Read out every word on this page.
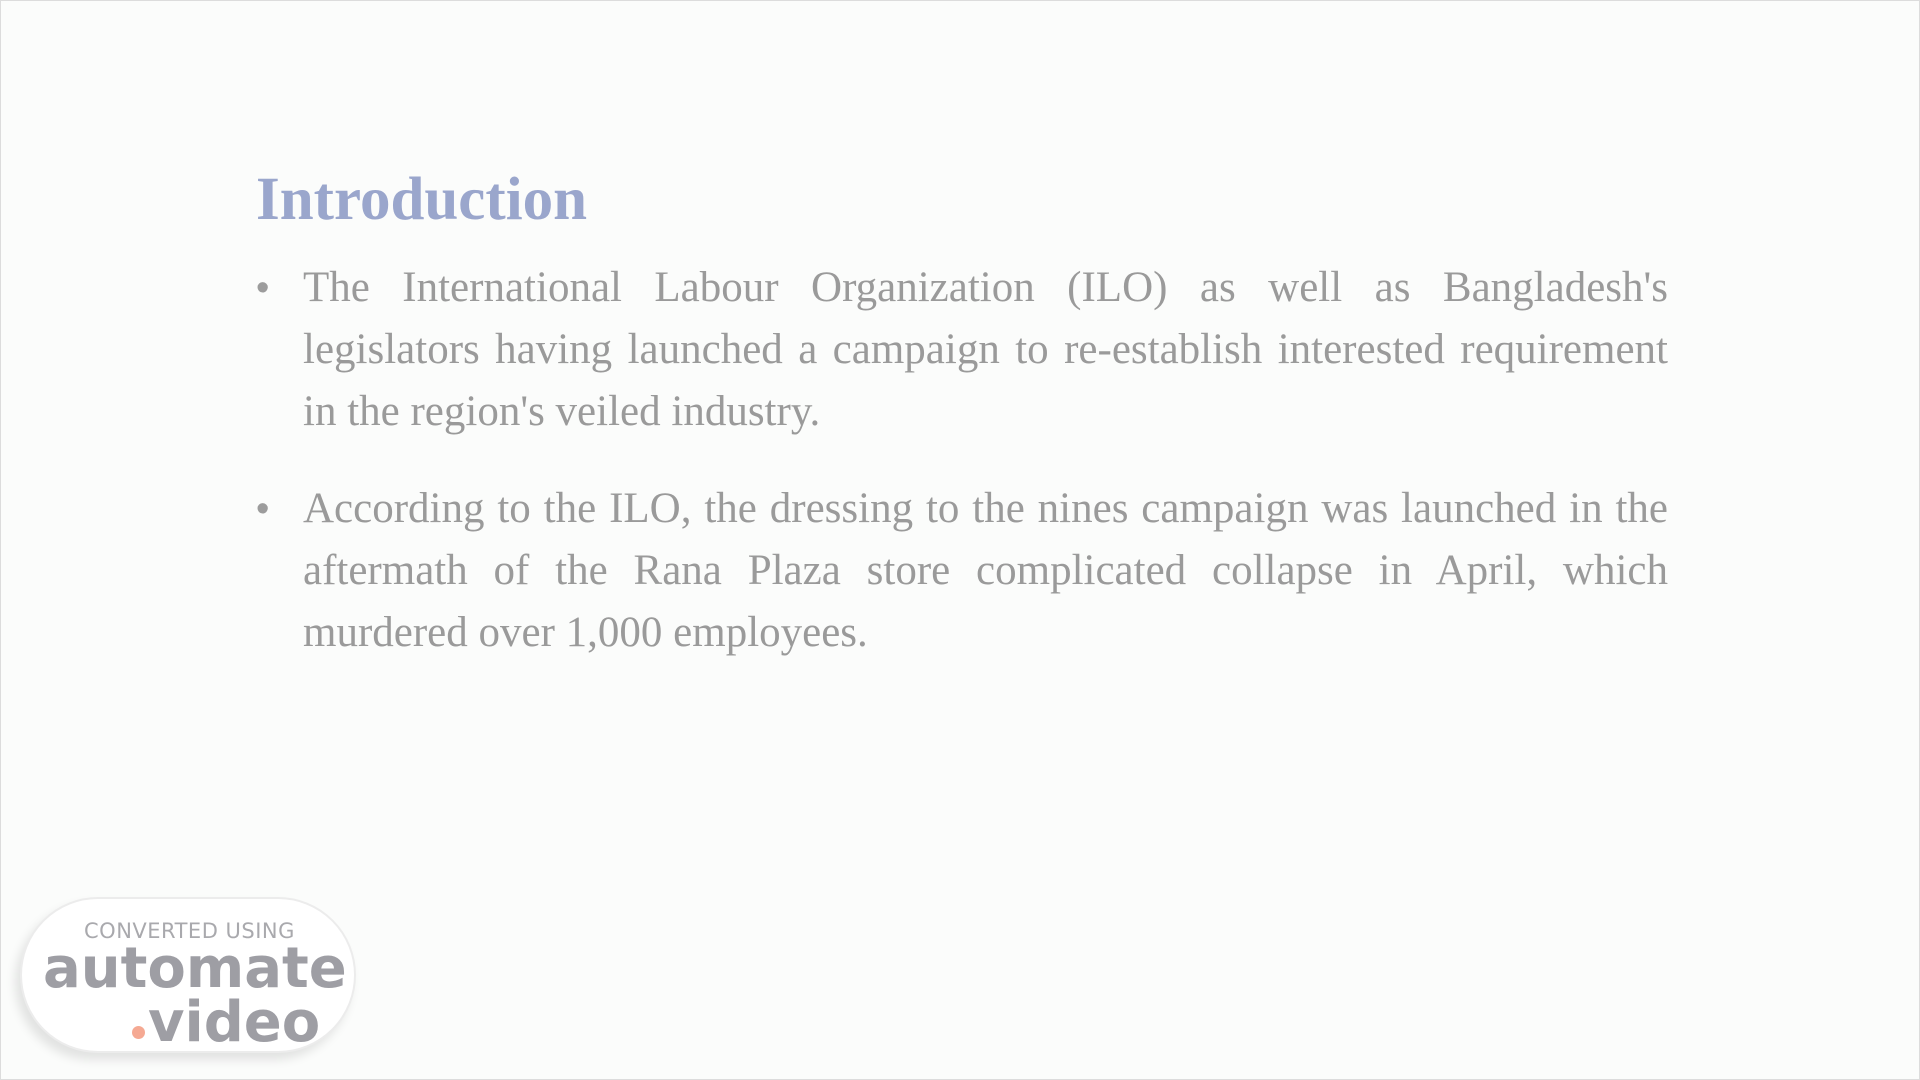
Introduction
• The International Labour Organization (ILO) as well as Bangladesh's legislators having launched a campaign to re-establish interested requirement in the region's veiled industry.
• According to the ILO, the dressing to the nines campaign was launched in the aftermath of the Rana Plaza store complicated collapse in April, which murdered over 1,000 employees.
CONVERTED USING
automate
video
